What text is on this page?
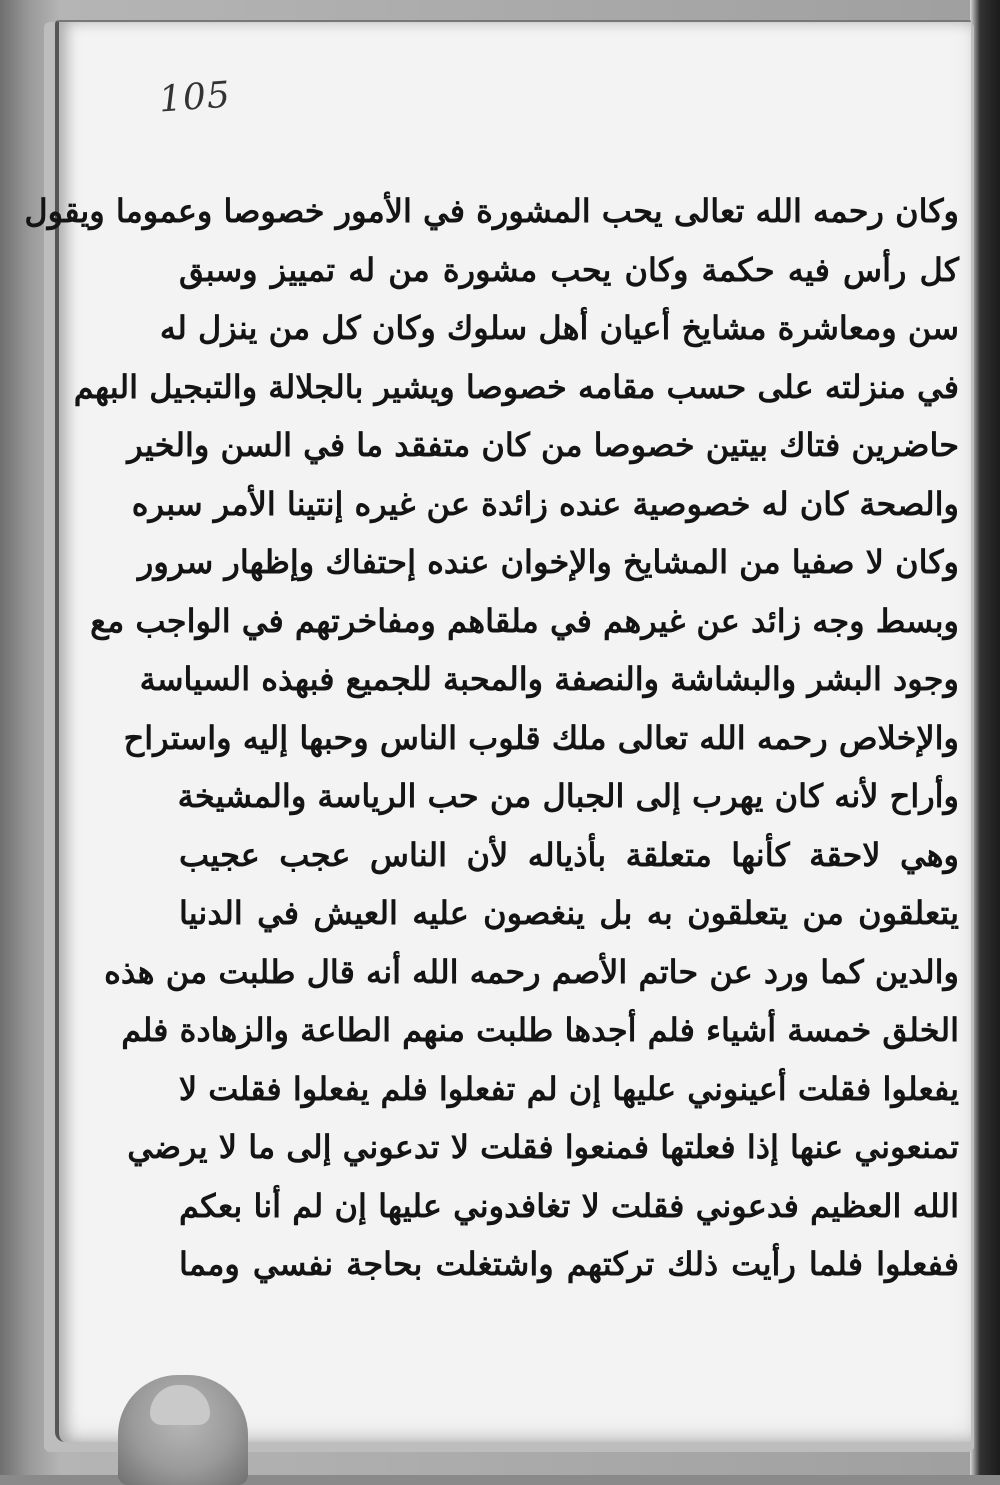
105
وكان رحمه الله تعالى يحب المشورة في الأمور خصوصا وعموما ويقول
كل رأس فيه حكمة وكان يحب مشورة من له تمييز وسبق
سن ومعاشرة مشايخ أعيان أهل سلوك وكان كل من ينزل له
في منزلته على حسب مقامه خصوصا ويشير بالجلالة والتبجيل البهم
حاضرين فتاك بيتين خصوصا من كان متفقد ما في السن والخير
والصحة كان له خصوصية عنده زائدة عن غيره إنتينا الأمر سبره
وكان لا صفيا من المشايخ والإخوان عنده إحتفاك وإظهار سرور
وبسط وجه زائد عن غيرهم في ملقاهم ومفاخرتهم في الواجب مع
وجود البشر والبشاشة والنصفة والمحبة للجميع فبهذه السياسة
والإخلاص رحمه الله تعالى ملك قلوب الناس وحبها إليه واستراح
وأراح لأنه كان يهرب إلى الجبال من حب الرياسة والمشيخة
وهي لاحقة كأنها متعلقة بأذياله لأن الناس عجب عجيب
يتعلقون من يتعلقون به بل ينغصون عليه العيش في الدنيا
والدين كما ورد عن حاتم الأصم رحمه الله أنه قال طلبت من هذه
الخلق خمسة أشياء فلم أجدها طلبت منهم الطاعة والزهادة فلم
يفعلوا فقلت أعينوني عليها إن لم تفعلوا فلم يفعلوا فقلت لا
تمنعوني عنها إذا فعلتها فمنعوا فقلت لا تدعوني إلى ما لا يرضي
الله العظيم فدعوني فقلت لا تغافدوني عليها إن لم أنا بعكم
ففعلوا فلما رأيت ذلك تركتهم واشتغلت بحاجة نفسي ومما
